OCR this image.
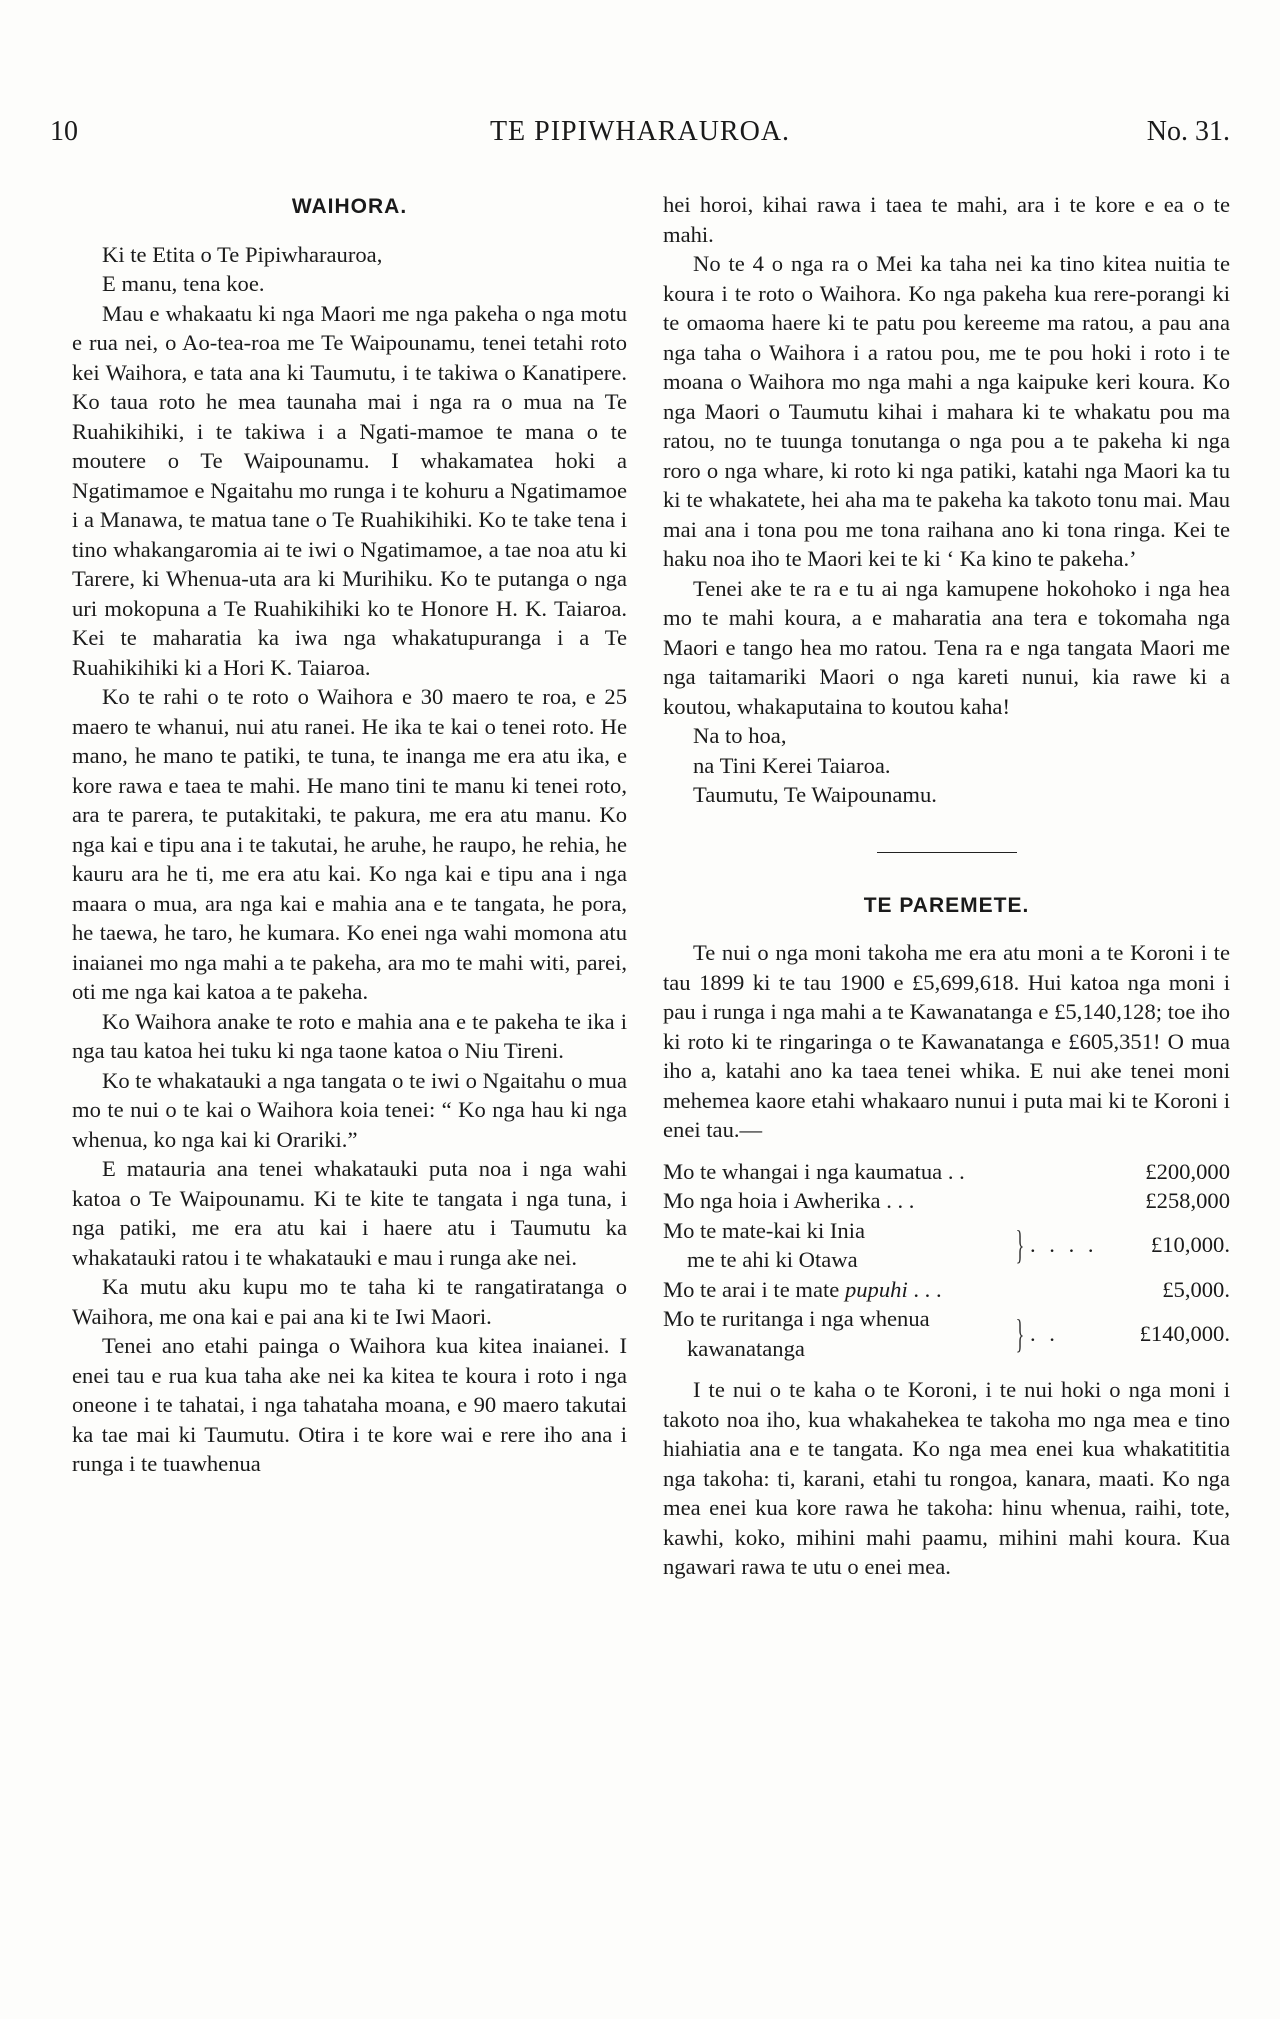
10	TE PIPIWHARAUROA.	No. 31.
WAIHORA.

Ki te Etita o Te Pipiwharauroa,

E manu, tena koe.

Mau e whakaatu ki nga Maori me nga pakeha o nga motu e rua nei, o Ao-tea-roa me Te Waipounamu, tenei tetahi roto kei Waihora, e tata ana ki Taumutu, i te takiwa o Kanatipere. Ko taua roto he mea taunaha mai i nga ra o mua na Te Ruahikihiki, i te takiwa i a Ngati-mamoe te mana o te moutere o Te Waipounamu. I whakamatea hoki a Ngatimamoe e Ngaitahu mo runga i te kohuru a Ngatimamoe i a Manawa, te matua tane o Te Ruahikihiki. Ko te take tena i tino whakangaromia ai te iwi o Ngatimamoe, a tae noa atu ki Tarere, ki Whenua-uta ara ki Murihiku. Ko te putanga o nga uri mokopuna a Te Ruahikihiki ko te Honore H. K. Taiaroa. Kei te maharatia ka iwa nga whakatupuranga i a Te Ruahikihiki ki a Hori K. Taiaroa.

Ko te rahi o te roto o Waihora e 30 maero te roa, e 25 maero te whanui, nui atu ranei. He ika te kai o tenei roto. He mano, he mano te patiki, te tuna, te inanga me era atu ika, e kore rawa e taea te mahi. He mano tini te manu ki tenei roto, ara te parera, te putakitaki, te pakura, me era atu manu. Ko nga kai e tipu ana i te takutai, he aruhe, he raupo, he rehia, he kauru ara he ti, me era atu kai. Ko nga kai e tipu ana i nga maara o mua, ara nga kai e mahia ana e te tangata, he pora, he taewa, he taro, he kumara. Ko enei nga wahi momona atu inaianei mo nga mahi a te pakeha, ara mo te mahi witi, parei, oti me nga kai katoa a te pakeha.

Ko Waihora anake te roto e mahia ana e te pakeha te ika i nga tau katoa hei tuku ki nga taone katoa o Niu Tireni.

Ko te whakatauki a nga tangata o te iwi o Ngaitahu o mua mo te nui o te kai o Waihora koia tenei: “ Ko nga hau ki nga whenua, ko nga kai ki Orariki.”

E matauria ana tenei whakatauki puta noa i nga wahi katoa o Te Waipounamu. Ki te kite te tangata i nga tuna, i nga patiki, me era atu kai i haere atu i Taumutu ka whakatauki ratou i te whakatauki e mau i runga ake nei.

Ka mutu aku kupu mo te taha ki te rangatiratanga o Waihora, me ona kai e pai ana ki te Iwi Maori.

Tenei ano etahi painga o Waihora kua kitea inaianei. I enei tau e rua kua taha ake nei ka kitea te koura i roto i nga oneone i te tahatai, i nga tahataha moana, e 90 maero takutai ka tae mai ki Taumutu. Otira i te kore wai e rere iho ana i runga i te tuawhenua

hei horoi, kihai rawa i taea te mahi, ara i te kore e ea o te mahi.

No te 4 o nga ra o Mei ka taha nei ka tino kitea nuitia te koura i te roto o Waihora. Ko nga pakeha kua rere-porangi ki te omaoma haere ki te patu pou kereeme ma ratou, a pau ana nga taha o Waihora i a ratou pou, me te pou hoki i roto i te moana o Waihora mo nga mahi a nga kaipuke keri koura. Ko nga Maori o Taumutu kihai i mahara ki te whakatu pou ma ratou, no te tuunga tonutanga o nga pou a te pakeha ki nga roro o nga whare, ki roto ki nga patiki, katahi nga Maori ka tu ki te whakatete, hei aha ma te pakeha ka takoto tonu mai. Mau mai ana i tona pou me tona raihana ano ki tona ringa. Kei te haku noa iho te Maori kei te ki ‘ Ka kino te pakeha.’

Tenei ake te ra e tu ai nga kamupene hokohoko i nga hea mo te mahi koura, a e maharatia ana tera e tokomaha nga Maori e tango hea mo ratou. Tena ra e nga tangata Maori me nga taitamariki Maori o nga kareti nunui, kia rawe ki a koutou, whakaputaina to koutou kaha!

Na to hoa,

na Tini Kerei Taiaroa.

Taumutu, Te Waipounamu.

TE PAREMETE.

Te nui o nga moni takoha me era atu moni a te Koroni i te tau 1899 ki te tau 1900 e £5,699,618. Hui katoa nga moni i pau i runga i nga mahi a te Kawanatanga e £5,140,128; toe iho ki roto ki te ringaringa o te Kawanatanga e £605,351! O mua iho a, katahi ano ka taea tenei whika. E nui ake tenei moni mehemea kaore etahi whakaaro nunui i puta mai ki te Koroni i enei tau.—

Mo te whangai i nga kaumatua . .	£200,000
Mo nga hoia i Awherika . . .	£258,000
Mo te mate-kai ki Inia
me te ahi ki Otawa	} . . . .	£10,000.
Mo te arai i te mate pupuhi . . .	£5,000.
Mo te ruritanga i nga whenua
kawanatanga	} . .	£140,000.

I te nui o te kaha o te Koroni, i te nui hoki o nga moni i takoto noa iho, kua whakahekea te takoha mo nga mea e tino hiahiatia ana e te tangata. Ko nga mea enei kua whakatititia nga takoha: ti, karani, etahi tu rongoa, kanara, maati. Ko nga mea enei kua kore rawa he takoha: hinu whenua, raihi, tote, kawhi, koko, mihini mahi paamu, mihini mahi koura. Kua ngawari rawa te utu o enei mea.
